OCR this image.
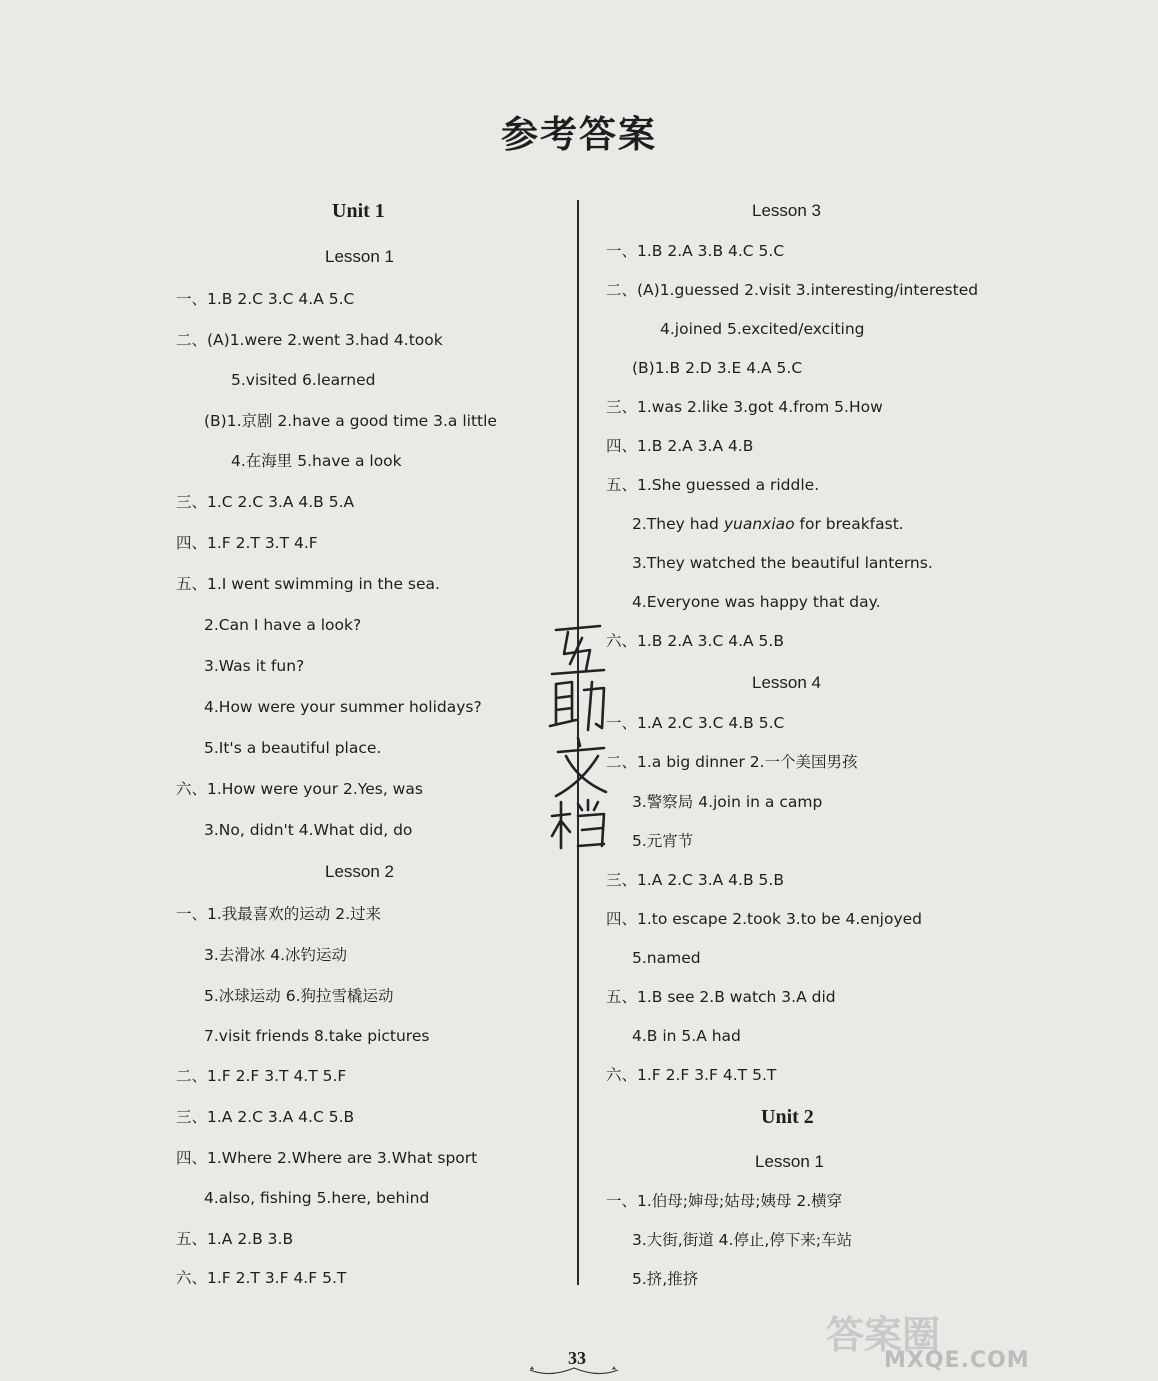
参考答案
Unit 1
Lesson 1
一、1.B 2.C 3.C 4.A 5.C
二、(A)1.were 2.went 3.had 4.took
5.visited 6.learned
(B)1.京剧 2.have a good time 3.a little
4.在海里 5.have a look
三、1.C 2.C 3.A 4.B 5.A
四、1.F 2.T 3.T 4.F
五、1.I went swimming in the sea.
2.Can I have a look?
3.Was it fun?
4.How were your summer holidays?
5.It's a beautiful place.
六、1.How were your 2.Yes, was
3.No, didn't 4.What did, do
Lesson 2
一、1.我最喜欢的运动 2.过来
3.去滑冰 4.冰钓运动
5.冰球运动 6.狗拉雪橇运动
7.visit friends 8.take pictures
二、1.F 2.F 3.T 4.T 5.F
三、1.A 2.C 3.A 4.C 5.B
四、1.Where 2.Where are 3.What sport
4.also, fishing 5.here, behind
五、1.A 2.B 3.B
六、1.F 2.T 3.F 4.F 5.T
Lesson 3
一、1.B 2.A 3.B 4.C 5.C
二、(A)1.guessed 2.visit 3.interesting/interested
4.joined 5.excited/exciting
(B)1.B 2.D 3.E 4.A 5.C
三、1.was 2.like 3.got 4.from 5.How
四、1.B 2.A 3.A 4.B
五、1.She guessed a riddle.
2.They had yuanxiao for breakfast.
3.They watched the beautiful lanterns.
4.Everyone was happy that day.
六、1.B 2.A 3.C 4.A 5.B
Lesson 4
一、1.A 2.C 3.C 4.B 5.C
二、1.a big dinner 2.一个美国男孩
3.警察局 4.join in a camp
5.元宵节
三、1.A 2.C 3.A 4.B 5.B
四、1.to escape 2.took 3.to be 4.enjoyed
5.named
五、1.B see 2.B watch 3.A did
4.B in 5.A had
六、1.F 2.F 3.F 4.T 5.T
Unit 2
Lesson 1
一、1.伯母;婶母;姑母;姨母 2.横穿
3.大街,街道 4.停止,停下来;车站
5.挤,推挤
33
答案圈
MXQE.COM
